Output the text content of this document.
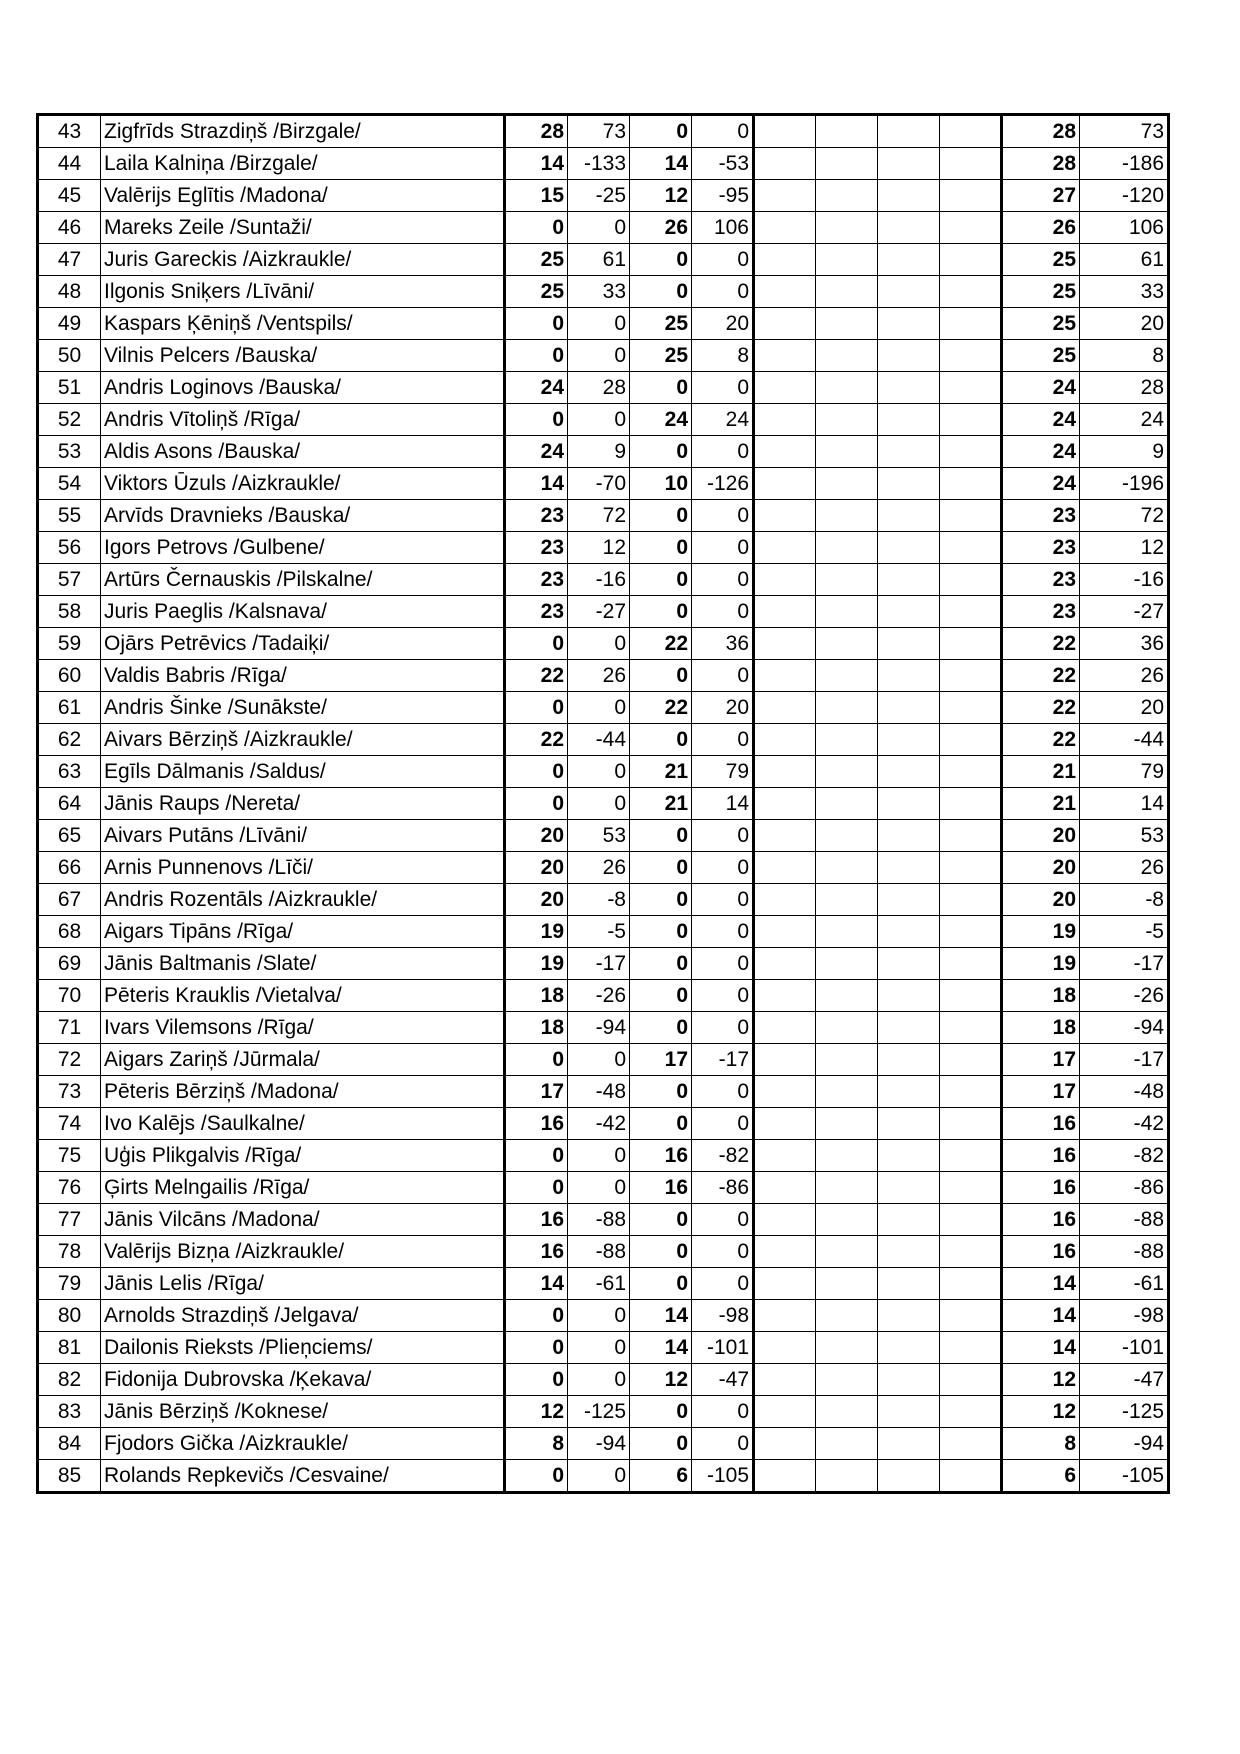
43	Zigfrīds Strazdiņš /Birzgale/	28	73	0	0					28	73
44	Laila Kalniņa /Birzgale/	14	-133	14	-53					28	-186
45	Valērijs Eglītis /Madona/	15	-25	12	-95					27	-120
46	Mareks Zeile /Suntaži/	0	0	26	106					26	106
47	Juris Gareckis /Aizkraukle/	25	61	0	0					25	61
48	Ilgonis Sniķers /Līvāni/	25	33	0	0					25	33
49	Kaspars Ķēniņš /Ventspils/	0	0	25	20					25	20
50	Vilnis Pelcers /Bauska/	0	0	25	8					25	8
51	Andris Loginovs /Bauska/	24	28	0	0					24	28
52	Andris Vītoliņš /Rīga/	0	0	24	24					24	24
53	Aldis Asons /Bauska/	24	9	0	0					24	9
54	Viktors Ūzuls /Aizkraukle/	14	-70	10	-126					24	-196
55	Arvīds Dravnieks /Bauska/	23	72	0	0					23	72
56	Igors Petrovs /Gulbene/	23	12	0	0					23	12
57	Artūrs Černauskis /Pilskalne/	23	-16	0	0					23	-16
58	Juris Paeglis /Kalsnava/	23	-27	0	0					23	-27
59	Ojārs Petrēvics /Tadaiķi/	0	0	22	36					22	36
60	Valdis Babris /Rīga/	22	26	0	0					22	26
61	Andris Šinke /Sunākste/	0	0	22	20					22	20
62	Aivars Bērziņš /Aizkraukle/	22	-44	0	0					22	-44
63	Egīls Dālmanis /Saldus/	0	0	21	79					21	79
64	Jānis Raups /Nereta/	0	0	21	14					21	14
65	Aivars Putāns /Līvāni/	20	53	0	0					20	53
66	Arnis Punnenovs /Līči/	20	26	0	0					20	26
67	Andris Rozentāls /Aizkraukle/	20	-8	0	0					20	-8
68	Aigars Tipāns /Rīga/	19	-5	0	0					19	-5
69	Jānis Baltmanis /Slate/	19	-17	0	0					19	-17
70	Pēteris Krauklis /Vietalva/	18	-26	0	0					18	-26
71	Ivars Vilemsons /Rīga/	18	-94	0	0					18	-94
72	Aigars Zariņš /Jūrmala/	0	0	17	-17					17	-17
73	Pēteris Bērziņš /Madona/	17	-48	0	0					17	-48
74	Ivo Kalējs /Saulkalne/	16	-42	0	0					16	-42
75	Uģis Plikgalvis /Rīga/	0	0	16	-82					16	-82
76	Ģirts Melngailis /Rīga/	0	0	16	-86					16	-86
77	Jānis Vilcāns /Madona/	16	-88	0	0					16	-88
78	Valērijs Bizņa /Aizkraukle/	16	-88	0	0					16	-88
79	Jānis Lelis /Rīga/	14	-61	0	0					14	-61
80	Arnolds Strazdiņš /Jelgava/	0	0	14	-98					14	-98
81	Dailonis Rieksts /Plieņciems/	0	0	14	-101					14	-101
82	Fidonija Dubrovska /Ķekava/	0	0	12	-47					12	-47
83	Jānis Bērziņš /Koknese/	12	-125	0	0					12	-125
84	Fjodors Gička /Aizkraukle/	8	-94	0	0					8	-94
85	Rolands Repkevičs /Cesvaine/	0	0	6	-105					6	-105
